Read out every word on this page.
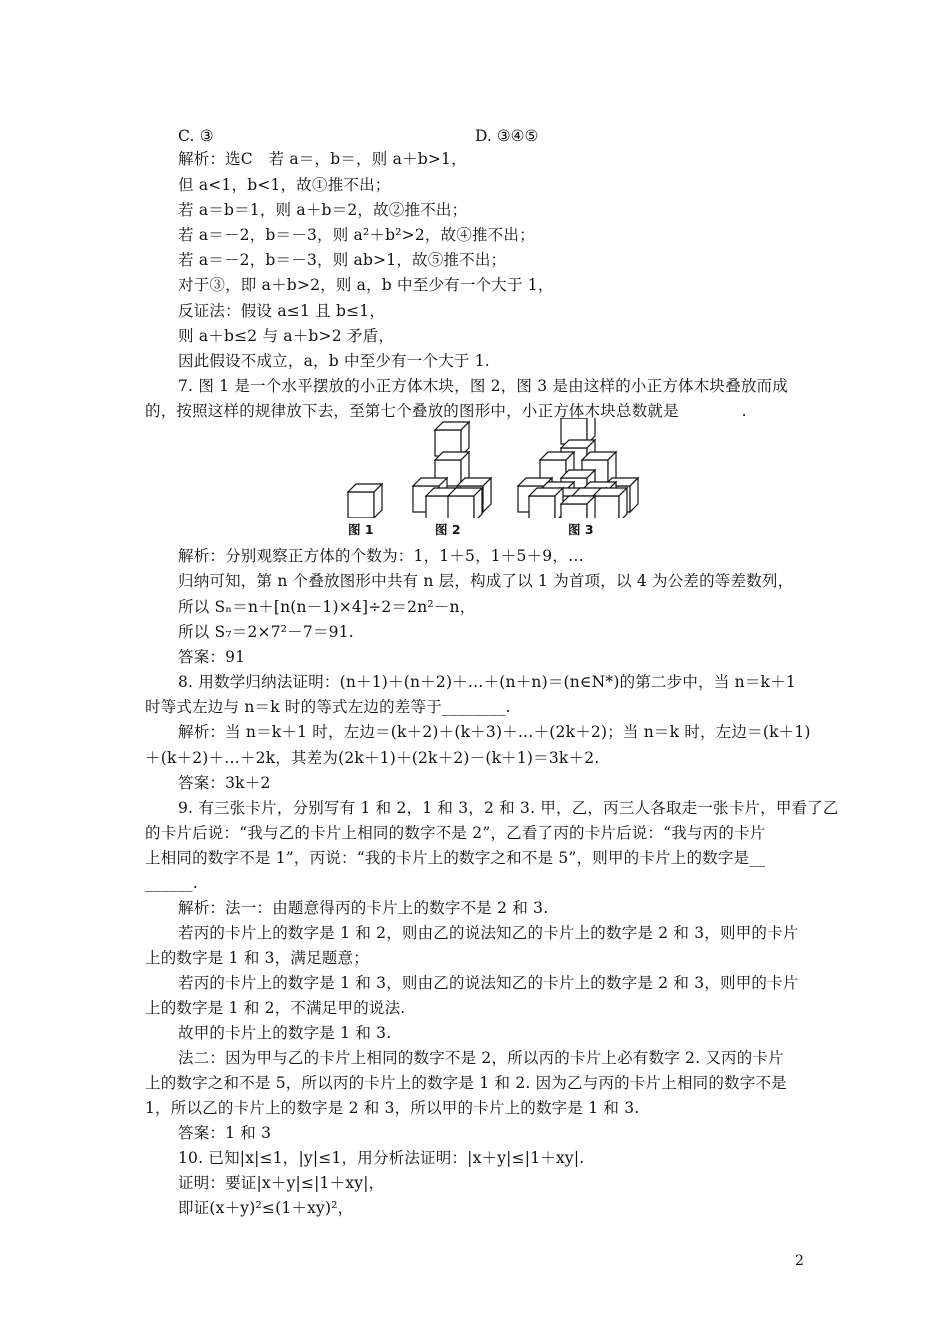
C. ③	D. ③④⑤
解析：选C　若 a＝，b＝，则 a＋b>1，
但 a<1，b<1，故①推不出；
若 a＝b＝1，则 a＋b＝2，故②推不出；
若 a＝－2，b＝－3，则 a²＋b²>2，故④推不出；
若 a＝－2，b＝－3，则 ab>1，故⑤推不出；
对于③，即 a＋b>2，则 a，b 中至少有一个大于 1，
反证法：假设 a≤1 且 b≤1，
则 a＋b≤2 与 a＋b>2 矛盾，
因此假设不成立，a，b 中至少有一个大于 1.
7. 图 1 是一个水平摆放的小正方体木块，图 2，图 3 是由这样的小正方体木块叠放而成
的，按照这样的规律放下去，至第七个叠放的图形中，小正方体木块总数就是　　　　.
图 1	图 2	图 3
解析：分别观察正方体的个数为：1，1＋5，1＋5＋9，…
归纳可知，第 n 个叠放图形中共有 n 层，构成了以 1 为首项，以 4 为公差的等差数列，
所以 Sₙ＝n＋[n(n－1)×4]÷2＝2n²－n，
所以 S₇＝2×7²－7＝91.
答案：91
8. 用数学归纳法证明：(n＋1)＋(n＋2)＋…＋(n＋n)＝(n∈N*)的第二步中，当 n＝k＋1
时等式左边与 n＝k 时的等式左边的差等于________.
解析：当 n＝k＋1 时，左边＝(k＋2)＋(k＋3)＋…＋(2k＋2)；当 n＝k 时，左边＝(k＋1)
＋(k＋2)＋…＋2k，其差为(2k＋1)＋(2k＋2)－(k＋1)＝3k＋2.
答案：3k＋2
9. 有三张卡片，分别写有 1 和 2，1 和 3，2 和 3. 甲，乙，丙三人各取走一张卡片，甲看了乙
的卡片后说：“我与乙的卡片上相同的数字不是 2”，乙看了丙的卡片后说：“我与丙的卡片
上相同的数字不是 1”，丙说：“我的卡片上的数字之和不是 5”，则甲的卡片上的数字是__
______.
解析：法一：由题意得丙的卡片上的数字不是 2 和 3.
若丙的卡片上的数字是 1 和 2，则由乙的说法知乙的卡片上的数字是 2 和 3，则甲的卡片
上的数字是 1 和 3，满足题意；
若丙的卡片上的数字是 1 和 3，则由乙的说法知乙的卡片上的数字是 2 和 3，则甲的卡片
上的数字是 1 和 2，不满足甲的说法.
故甲的卡片上的数字是 1 和 3.
法二：因为甲与乙的卡片上相同的数字不是 2，所以丙的卡片上必有数字 2. 又丙的卡片
上的数字之和不是 5，所以丙的卡片上的数字是 1 和 2. 因为乙与丙的卡片上相同的数字不是
1，所以乙的卡片上的数字是 2 和 3，所以甲的卡片上的数字是 1 和 3.
答案：1 和 3
10. 已知|x|≤1，|y|≤1，用分析法证明：|x＋y|≤|1＋xy|.
证明：要证|x＋y|≤|1＋xy|，
即证(x＋y)²≤(1＋xy)²，
2
